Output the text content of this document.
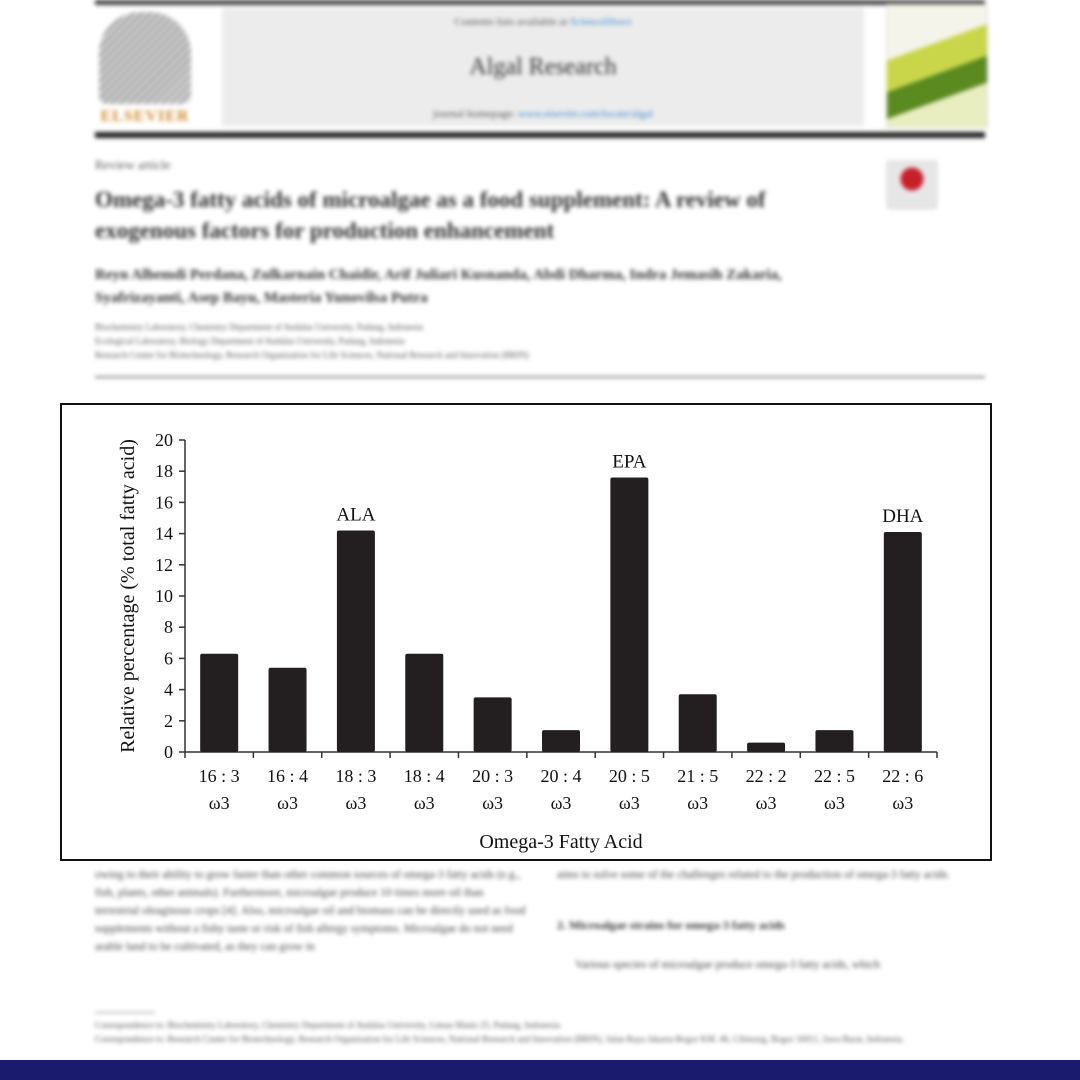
ELSEVIER
Contents lists available at ScienceDirect
Algal Research
journal homepage: www.elsevier.com/locate/algal
Review article
Omega-3 fatty acids of microalgae as a food supplement: A review of exogenous factors for production enhancement
Reyn Alhemdi Perdana, Zulkarnain Chaidir, Arif Juliari Kusnanda, Abdi Dharma, Indra Jemasih Zakaria, Syafrizayanti, Asep Bayu, Masteria Yunovilsa Putra
Biochemistry Laboratory, Chemistry Department of Andalas University, Padang, Indonesia
Ecological Laboratory, Biology Department of Andalas University, Padang, Indonesia
Research Center for Biotechnology, Research Organization for Life Sciences, National Research and Innovation (BRIN)
owing to their ability to grow faster than other common sources of omega-3 fatty acids (e.g., fish, plants, other animals). Furthermore, microalgae produce 10 times more oil than terrestrial oleaginous crops [4]. Also, microalgae oil and biomass can be directly used as food supplements without a fishy taste or risk of fish allergy symptoms. Microalgae do not need arable land to be cultivated, as they can grow in
aims to solve some of the challenges related to the production of omega-3 fatty acids.
2. Microalgae strains for omega-3 fatty acids
Various species of microalgae produce omega-3 fatty acids, which
Correspondence to: Biochemistry Laboratory, Chemistry Department of Andalas University, Limau Manis 25, Padang, Indonesia.
Correspondence to: Research Center for Biotechnology, Research Organization for Life Sciences, National Research and Innovation (BRIN), Jalan Raya Jakarta-Bogor KM. 46, Cibinong, Bogor 16911, Jawa Barat, Indonesia.
0
2
4
6
8
10
12
14
16
18
20
16 : 3
ω3
16 : 4
ω3
18 : 3
ω3
18 : 4
ω3
20 : 3
ω3
20 : 4
ω3
20 : 5
ω3
21 : 5
ω3
22 : 2
ω3
22 : 5
ω3
22 : 6
ω3
ALA
EPA
DHA
Relative percentage (% total fatty acid)
Omega-3 Fatty Acid
